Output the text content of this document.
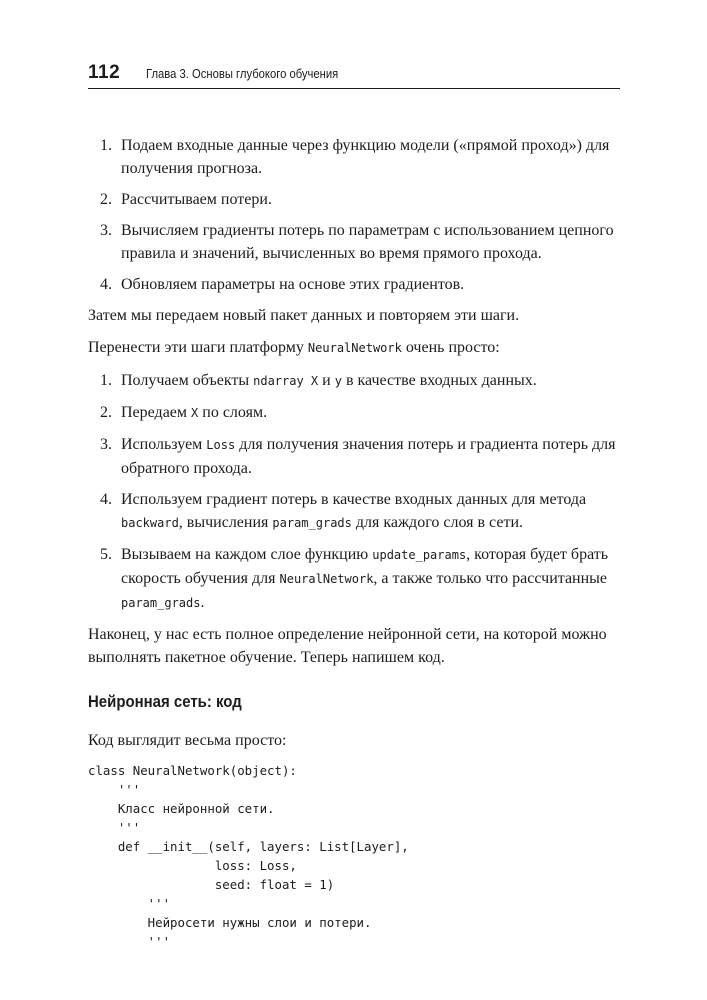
112 Глава 3. Основы глубокого обучения
1. Подаем входные данные через функцию модели («прямой проход») для получения прогноза.
2. Рассчитываем потери.
3. Вычисляем градиенты потерь по параметрам с использованием цепного правила и значений, вычисленных во время прямого прохода.
4. Обновляем параметры на основе этих градиентов.

Затем мы передаем новый пакет данных и повторяем эти шаги.

Перенести эти шаги платформу NeuralNetwork очень просто:

1. Получаем объекты ndarray X и y в качестве входных данных.
2. Передаем X по слоям.
3. Используем Loss для получения значения потерь и градиента потерь для обратного прохода.
4. Используем градиент потерь в качестве входных данных для метода backward, вычисления param_grads для каждого слоя в сети.
5. Вызываем на каждом слое функцию update_params, которая будет брать скорость обучения для NeuralNetwork, а также только что рассчитанные param_grads.

Наконец, у нас есть полное определение нейронной сети, на которой можно выполнять пакетное обучение. Теперь напишем код.

Нейронная сеть: код

Код выглядит весьма просто:

class NeuralNetwork(object):
'''
Класс нейронной сети.
'''
def __init__(self, layers: List[Layer],
loss: Loss,
seed: float = 1)
'''
Нейросети нужны слои и потери.
'''
